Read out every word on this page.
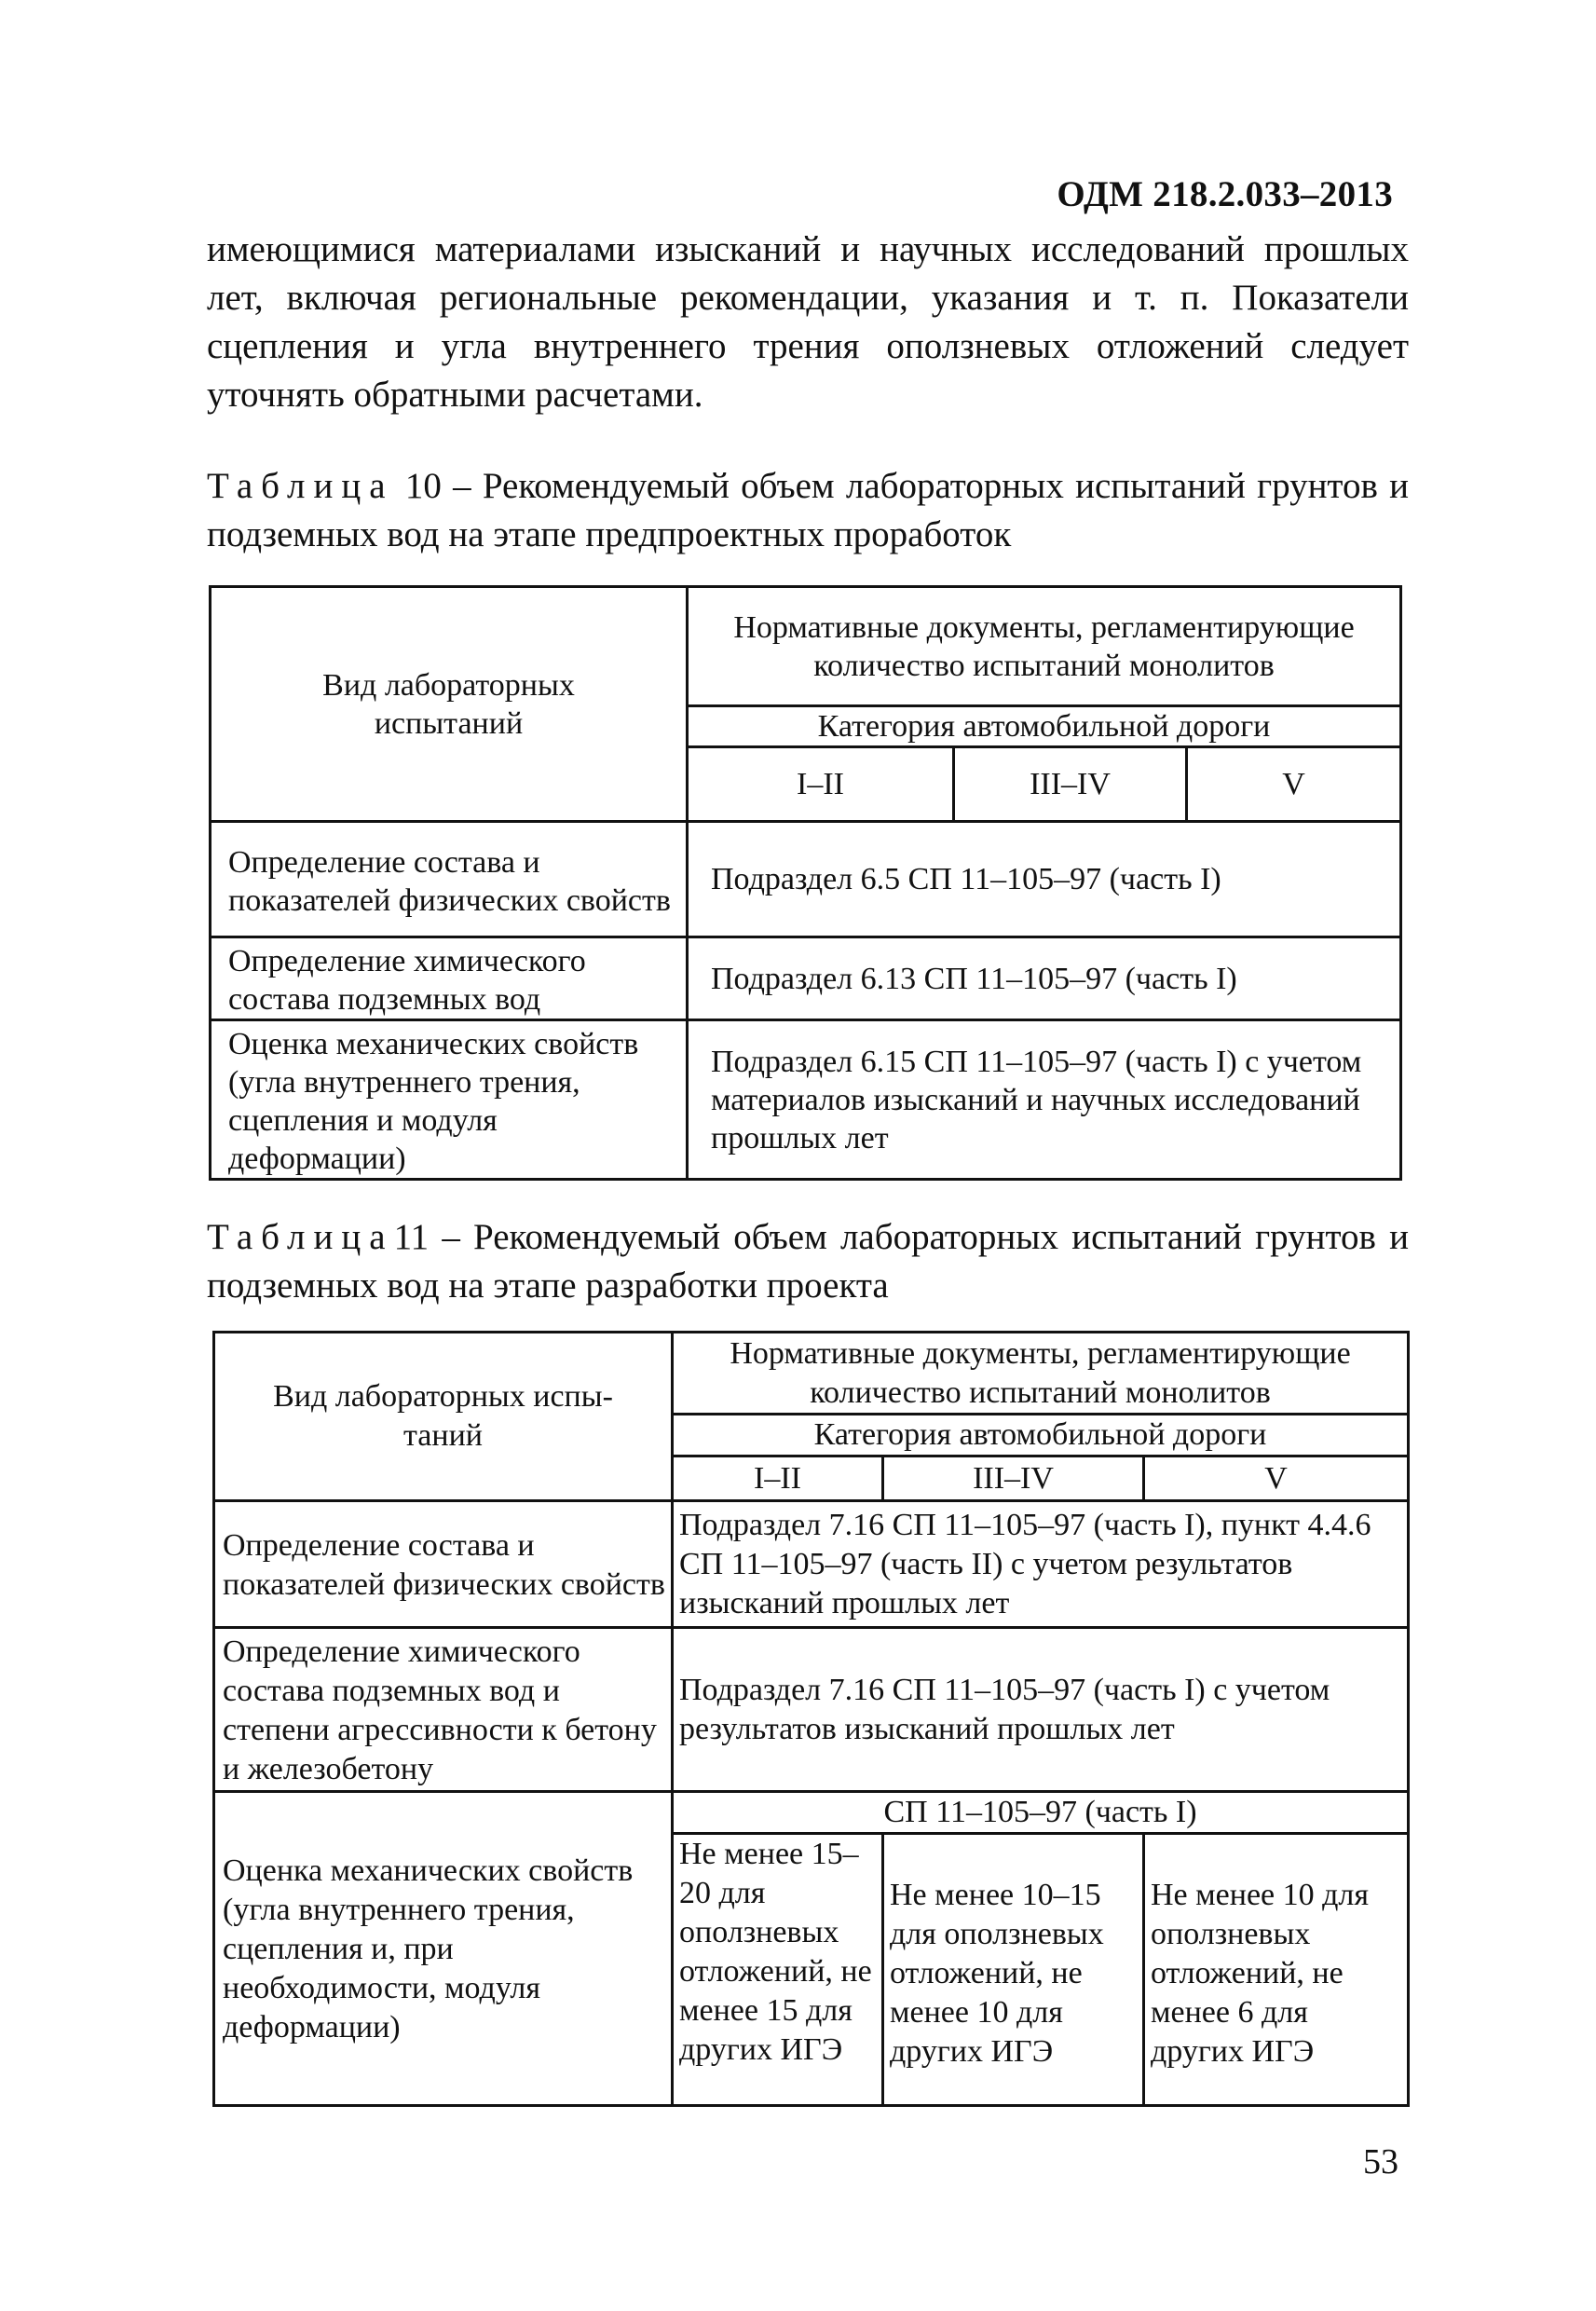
ОДМ 218.2.033–2013

имеющимися материалами изысканий и научных исследований прошлых лет, включая региональные рекомендации, указания и т. п. Показатели сцепления и угла внутреннего трения оползневых отложений следует уточнять обратными расчетами.

Таблица 10 – Рекомендуемый объем лабораторных испытаний грунтов и подземных вод на этапе предпроектных проработок

Вид лабораторных испытаний	Нормативные документы, регламентирующие количество испытаний монолитов		
	Категория автомобильной дороги		
	I–II	III–IV	V
Определение состава и показателей физических свойств	Подраздел 6.5 СП 11–105–97 (часть I)		
Определение химического состава подземных вод	Подраздел 6.13 СП 11–105–97 (часть I)		
Оценка механических свойств (угла внутреннего трения, сцепления и модуля деформации)	Подраздел 6.15 СП 11–105–97 (часть I) с учетом материалов изысканий и научных исследований прошлых лет		

Таблица11 – Рекомендуемый объем лабораторных испытаний грунтов и подземных вод на этапе разработки проекта

Вид лабораторных испытаний	Нормативные документы, регламентирующие количество испытаний монолитов		
	Категория автомобильной дороги		
	I–II	III–IV	V
Определение состава и показателей физических свойств	Подраздел 7.16 СП 11–105–97 (часть I), пункт 4.4.6 СП 11–105–97 (часть II) с учетом результатов изысканий прошлых лет		
Определение химического состава подземных вод и степени агрессивности к бетону и железобетону	Подраздел 7.16 СП 11–105–97 (часть I) с учетом результатов изысканий прошлых лет		
Оценка механических свойств (угла внутреннего трения, сцепления и, при необходимости, модуля деформации)	СП 11–105–97 (часть I)		
	Не менее 15–20 для оползневых отложений, не менее 15 для других ИГЭ	Не менее 10–15 для оползневых отложений, не менее 10 для других ИГЭ	Не менее 10 для оползневых отложений, не менее 6 для других ИГЭ
53
